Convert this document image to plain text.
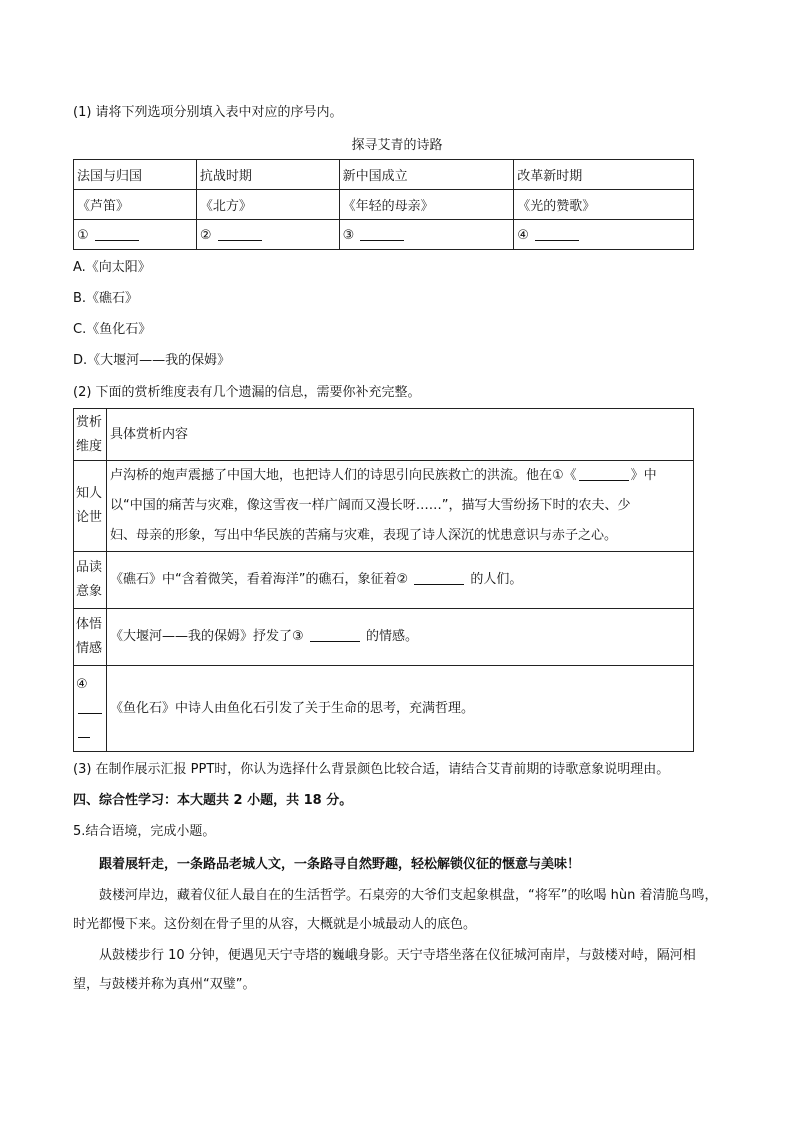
(1) 请将下列选项分别填入表中对应的序号内。
探寻艾青的诗路
法国与归国	抗战时期	新中国成立	改革新时期
《芦笛》	《北方》	《年轻的母亲》	《光的赞歌》
①	②	③	④
A.《向太阳》
B.《礁石》
C.《鱼化石》
D.《大堰河——我的保姆》
(2) 下面的赏析维度表有几个遗漏的信息，需要你补充完整。
赏析维度	具体赏析内容
知人论世	卢沟桥的炮声震撼了中国大地，也把诗人们的诗思引向民族救亡的洪流。他在①《 》中
以“中国的痛苦与灾难，像这雪夜一样广阔而又漫长呀……”，描写大雪纷扬下时的农夫、少
妇、母亲的形象，写出中华民族的苦痛与灾难，表现了诗人深沉的忧患意识与赤子之心。

品读意象	《礁石》中“含着微笑，看着海洋”的礁石，象征着② 的人们。
体悟情感	《大堰河——我的保姆》抒发了③ 的情感。

④	《鱼化石》中诗人由鱼化石引发了关于生命的思考，充满哲理。
(3) 在制作展示汇报 PPT时，你认为选择什么背景颜色比较合适，请结合艾青前期的诗歌意象说明理由。
四、综合性学习：本大题共 2 小题，共 18 分。
5.结合语境，完成小题。
跟着展轩走，一条路品老城人文，一条路寻自然野趣，轻松解锁仪征的惬意与美味！
鼓楼河岸边，藏着仪征人最自在的生活哲学。石桌旁的大爷们支起象棋盘，“将军”的吆喝 hùn 着清脆鸟鸣，时光都慢下来。这份刻在骨子里的从容，大概就是小城最动人的底色。
从鼓楼步行 10 分钟，便遇见天宁寺塔的巍峨身影。天宁寺塔坐落在仪征城河南岸，与鼓楼对峙，隔河相望，与鼓楼并称为真州“双璧”。
